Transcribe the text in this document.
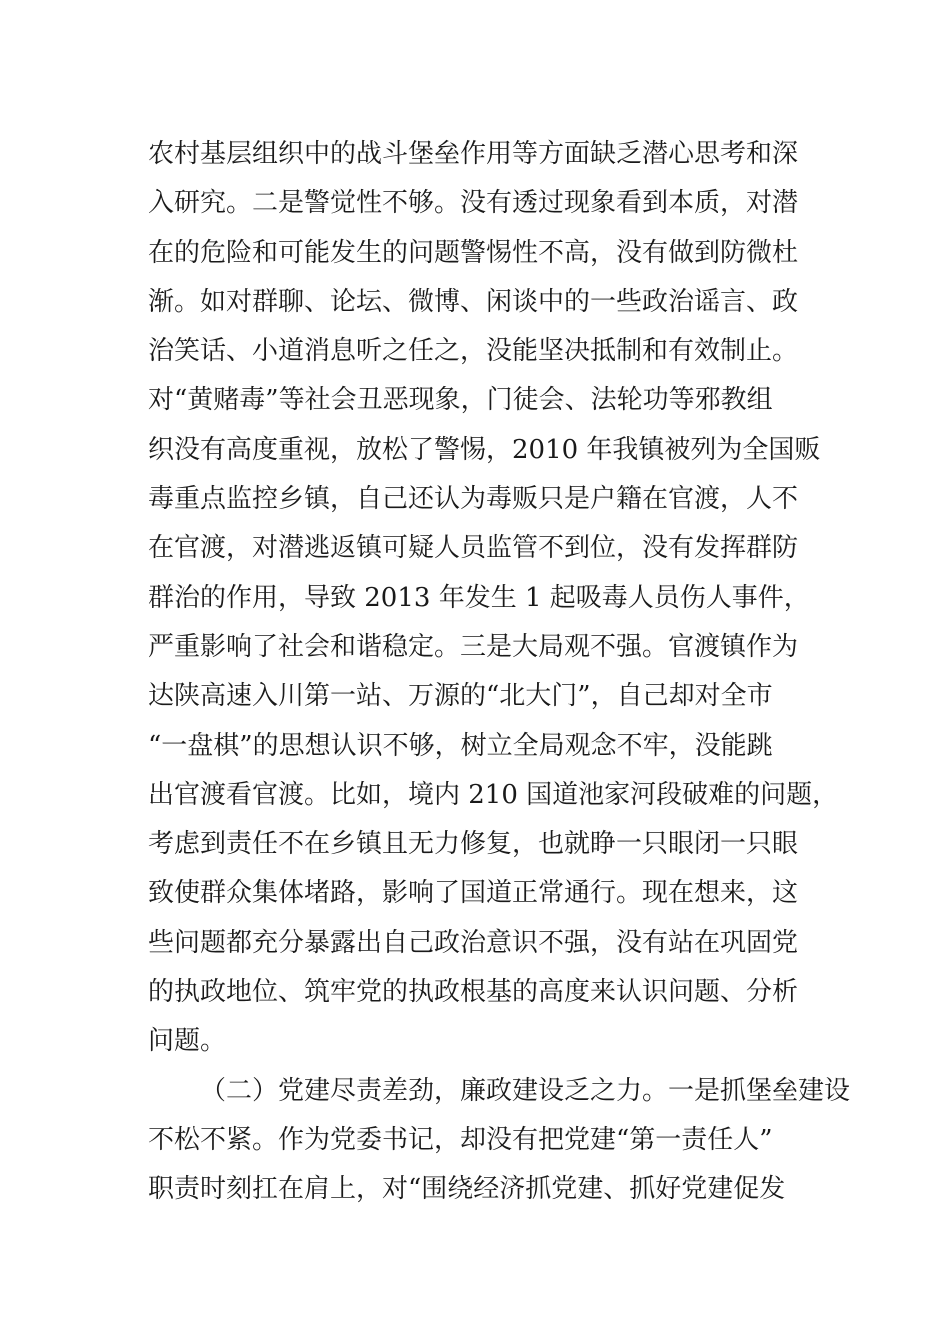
农村基层组织中的战斗堡垒作用等方面缺乏潜心思考和深
入研究。二是警觉性不够。没有透过现象看到本质，对潜
在的危险和可能发生的问题警惕性不高，没有做到防微杜
渐。如对群聊、论坛、微博、闲谈中的一些政治谣言、政
治笑话、小道消息听之任之，没能坚决抵制和有效制止。
对“黄赌毒”等社会丑恶现象，门徒会、法轮功等邪教组
织没有高度重视，放松了警惕，2010 年我镇被列为全国贩
毒重点监控乡镇，自己还认为毒贩只是户籍在官渡，人不
在官渡，对潜逃返镇可疑人员监管不到位，没有发挥群防
群治的作用，导致 2013 年发生 1 起吸毒人员伤人事件，
严重影响了社会和谐稳定。三是大局观不强。官渡镇作为
达陕高速入川第一站、万源的“北大门”，自己却对全市
“一盘棋”的思想认识不够，树立全局观念不牢，没能跳
出官渡看官渡。比如，境内 210 国道池家河段破难的问题，
考虑到责任不在乡镇且无力修复，也就睁一只眼闭一只眼
致使群众集体堵路，影响了国道正常通行。现在想来，这
些问题都充分暴露出自己政治意识不强，没有站在巩固党
的执政地位、筑牢党的执政根基的高度来认识问题、分析
问题。
（二）党建尽责差劲，廉政建设乏之力。一是抓堡垒建设
不松不紧。作为党委书记，却没有把党建“第一责任人”
职责时刻扛在肩上，对“围绕经济抓党建、抓好党建促发
